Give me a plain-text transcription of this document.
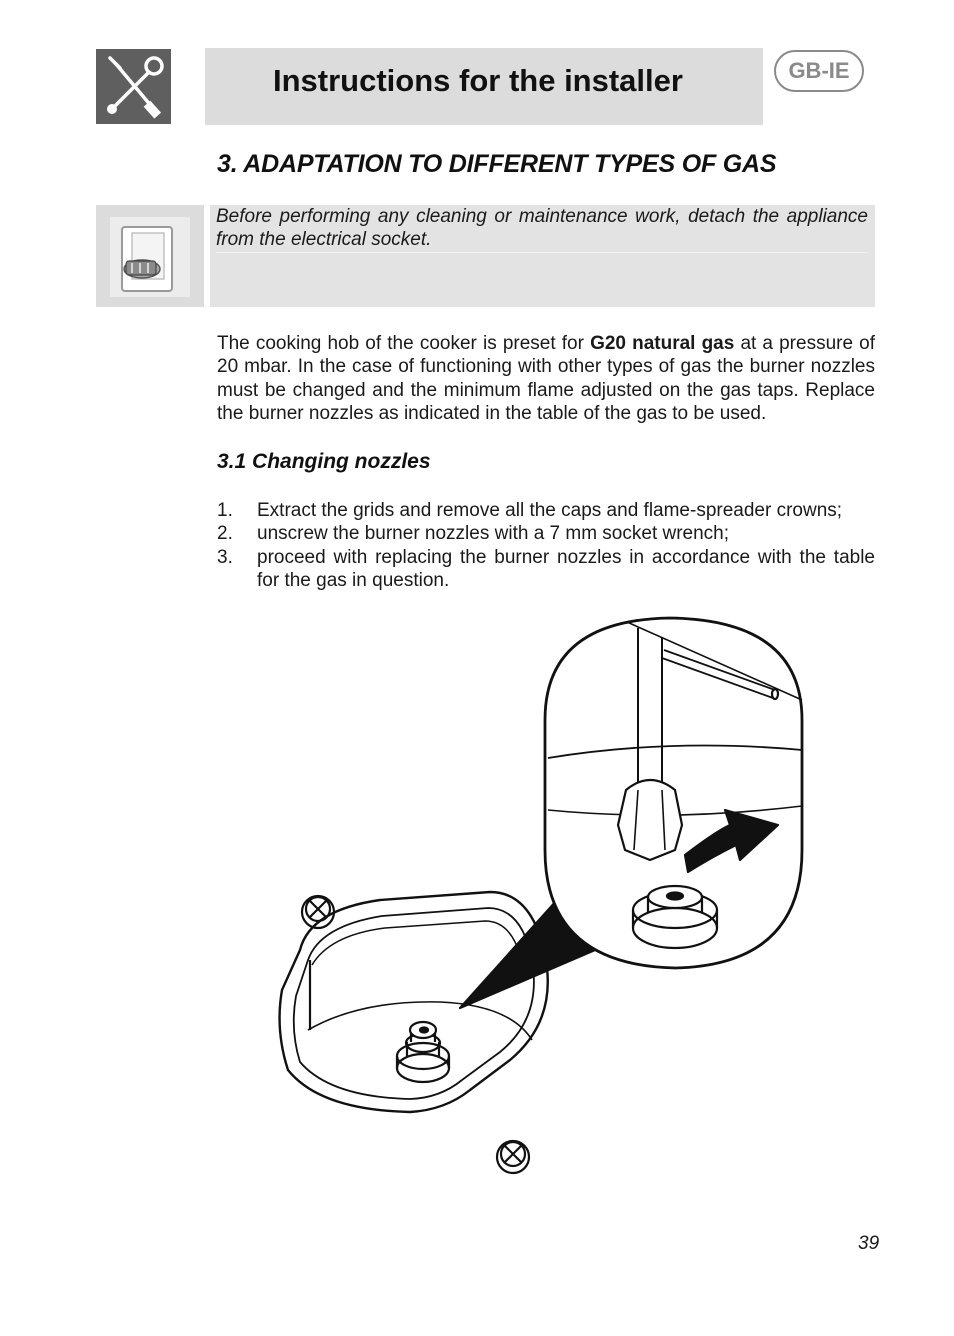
Instructions for the installer	GB-IE
3. ADAPTATION TO DIFFERENT TYPES OF GAS
Before performing any cleaning or maintenance work, detach the appliance from the electrical socket.
The cooking hob of the cooker is preset for G20 natural gas at a pressure of 20 mbar. In the case of functioning with other types of gas the burner nozzles must be changed and the minimum flame adjusted on the gas taps. Replace the burner nozzles as indicated in the table of the gas to be used.
3.1 Changing nozzles
1.	Extract the grids and remove all the caps and flame-spreader crowns;
2.	unscrew the burner nozzles with a 7 mm socket wrench;
3.	proceed with replacing the burner nozzles in accordance with the table for the gas in question.
39
